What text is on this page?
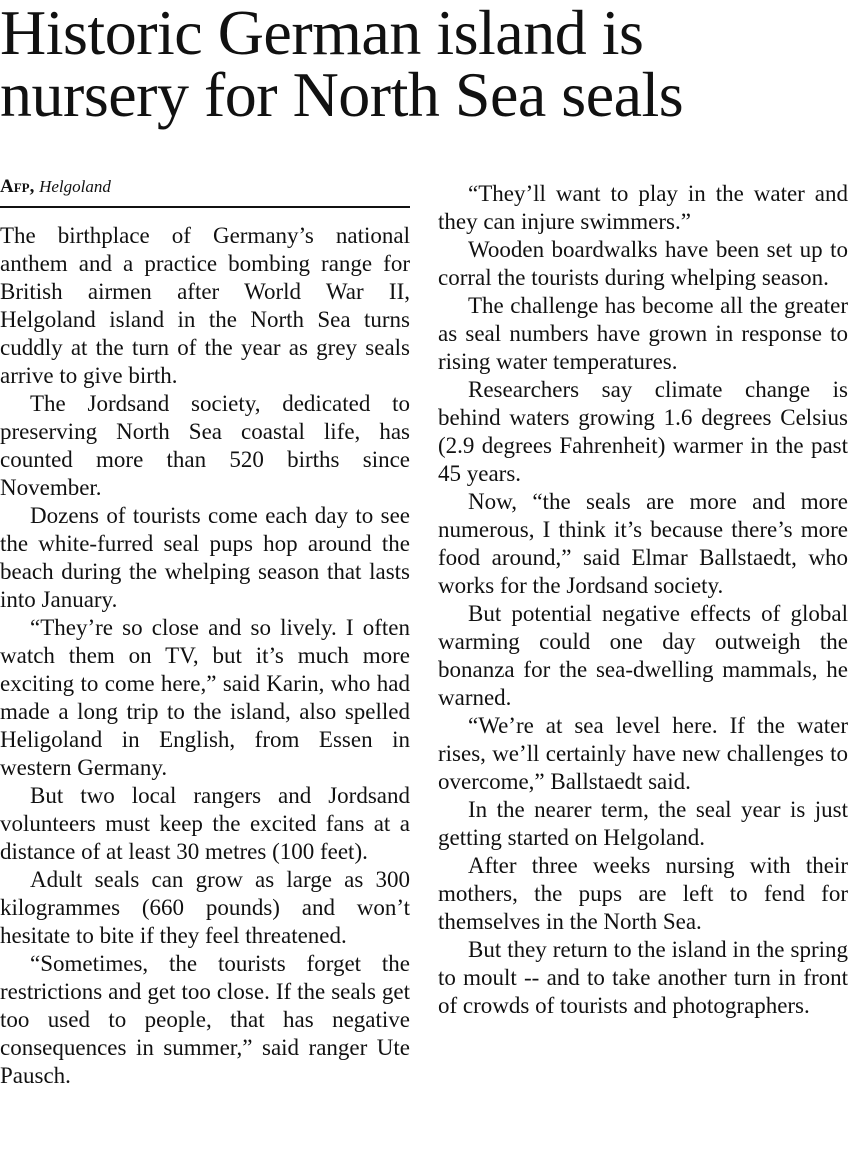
Historic German island is
nursery for North Sea seals
Afp, Helgoland

The birthplace of Germany’s national anthem and a practice bombing range for British airmen after World War II, Helgoland island in the North Sea turns cuddly at the turn of the year as grey seals arrive to give birth.

The Jordsand society, dedicated to preserving North Sea coastal life, has counted more than 520 births since November.

Dozens of tourists come each day to see the white-furred seal pups hop around the beach during the whelping season that lasts into January.

“They’re so close and so lively. I often watch them on TV, but it’s much more exciting to come here,” said Karin, who had made a long trip to the island, also spelled Heligoland in English, from Essen in western Germany.

But two local rangers and Jordsand volunteers must keep the excited fans at a distance of at least 30 metres (100 feet).

Adult seals can grow as large as 300 kilogrammes (660 pounds) and won’t hesitate to bite if they feel threatened.

“Sometimes, the tourists forget the restrictions and get too close. If the seals get too used to people, that has negative consequences in summer,” said ranger Ute Pausch.

“They’ll want to play in the water and they can injure swimmers.”

Wooden boardwalks have been set up to corral the tourists during whelping season.

The challenge has become all the greater as seal numbers have grown in response to rising water temperatures.

Researchers say climate change is behind waters growing 1.6 degrees Celsius (2.9 degrees Fahrenheit) warmer in the past 45 years.

Now, “the seals are more and more numerous, I think it’s because there’s more food around,” said Elmar Ballstaedt, who works for the Jordsand society.

But potential negative effects of global warming could one day outweigh the bonanza for the sea-dwelling mammals, he warned.

“We’re at sea level here. If the water rises, we’ll certainly have new challenges to overcome,” Ballstaedt said.

In the nearer term, the seal year is just getting started on Helgoland.

After three weeks nursing with their mothers, the pups are left to fend for themselves in the North Sea.

But they return to the island in the spring to moult -- and to take another turn in front of crowds of tourists and photographers.
